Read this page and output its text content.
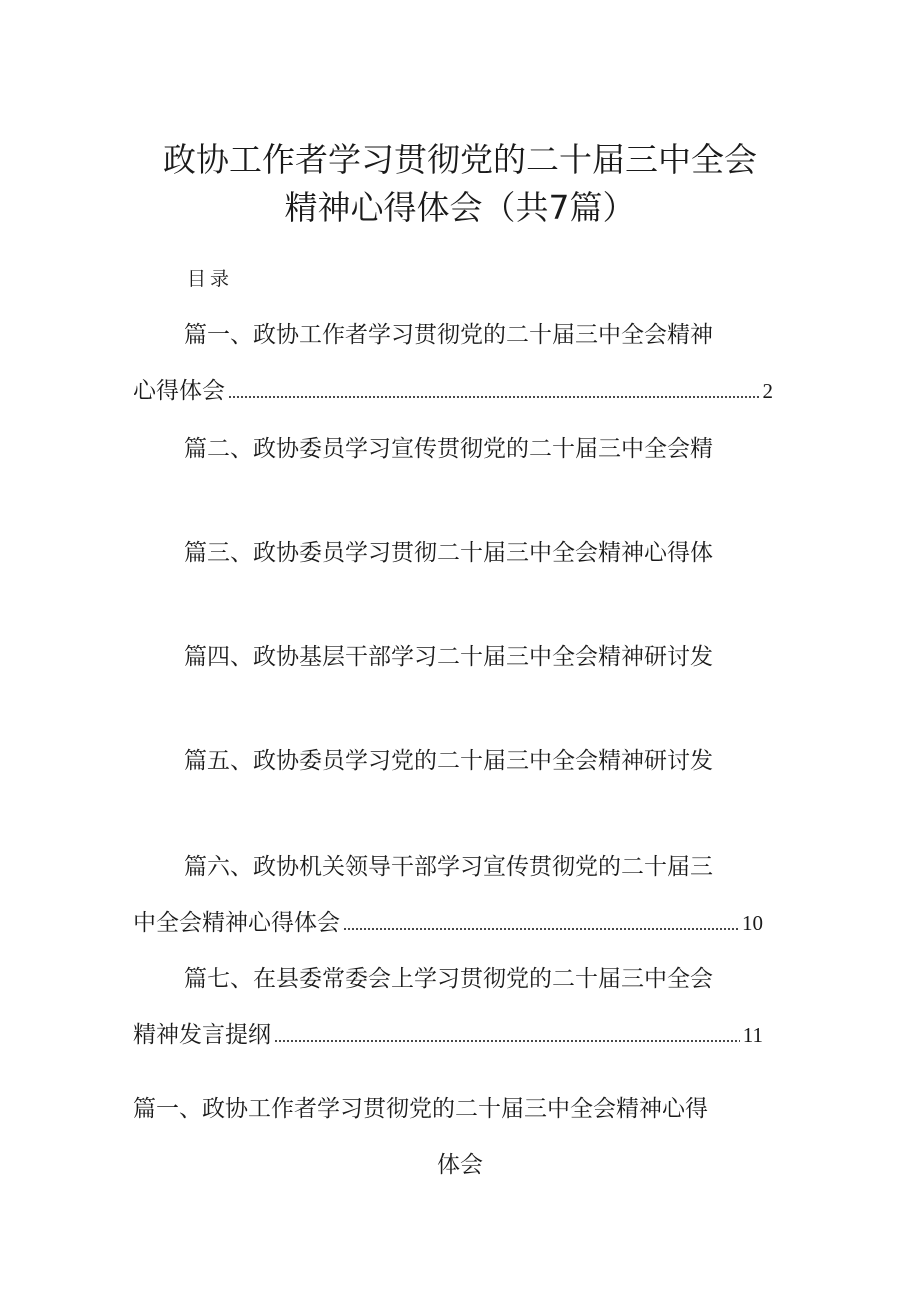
政协工作者学习贯彻党的二十届三中全会
精神心得体会（共7篇）
目录
篇一、政协工作者学习贯彻党的二十届三中全会精神
心得体会	2
篇二、政协委员学习宣传贯彻党的二十届三中全会精
篇三、政协委员学习贯彻二十届三中全会精神心得体
篇四、政协基层干部学习二十届三中全会精神研讨发
篇五、政协委员学习党的二十届三中全会精神研讨发
篇六、政协机关领导干部学习宣传贯彻党的二十届三
中全会精神心得体会	10
篇七、在县委常委会上学习贯彻党的二十届三中全会
精神发言提纲	11
篇一、政协工作者学习贯彻党的二十届三中全会精神心得
体会
